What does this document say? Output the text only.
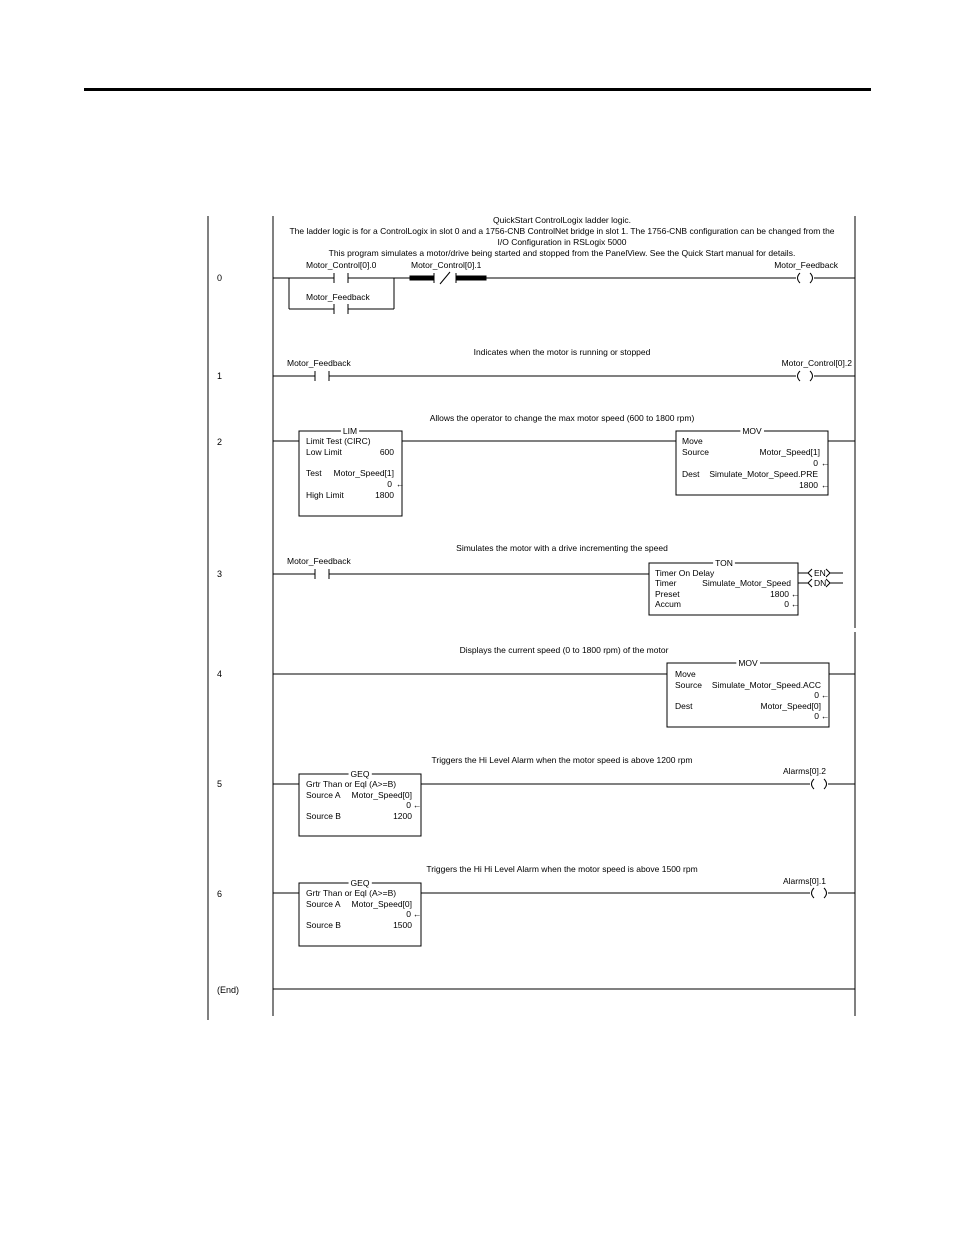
QuickStart ControlLogix ladder logic.
The ladder logic is for a ControlLogix in slot 0 and a 1756-CNB ControlNet bridge in slot 1. The 1756-CNB configuration can be changed from the
I/O Configuration in RSLogix 5000
This program simulates a motor/drive being started and stopped from the PanelView. See the Quick Start manual for details.
0
1
2
3
4
5
6
(End)
Motor_Control[0].0	Motor_Control[0].1
Motor_Feedback
Motor_Feedback
Indicates when the motor is running or stopped
Motor_Feedback	Motor_Control[0].2
Allows the operator to change the max motor speed (600 to 1800 rpm)
LIM
Limit Test (CIRC)
Low Limit	600
Test Motor_Speed[1]
0 ←
High Limit	1800
MOV
Move
Source	Motor_Speed[1]
0 ←
Dest Simulate_Motor_Speed.PRE
1800 ←
Simulates the motor with a drive incrementing the speed
Motor_Feedback	TON
Timer On Delay
Timer	Simulate_Motor_Speed
Preset	1800 ←
Accum	0 ←
EN
DN
Displays the current speed (0 to 1800 rpm) of the motor
MOV
Move
Source Simulate_Motor_Speed.ACC
0 ←
Dest	Motor_Speed[0]
0 ←
Triggers the Hi Level Alarm when the motor speed is above 1200 rpm
GEQ
Grtr Than or Eql (A>=B)
Source A Motor_Speed[0]
0 ←
Source B	1200
Alarms[0].2
Triggers the Hi Hi Level Alarm when the motor speed is above 1500 rpm
GEQ
Grtr Than or Eql (A>=B)
Source A Motor_Speed[0]
0 ←
Source B	1500
Alarms[0].1
